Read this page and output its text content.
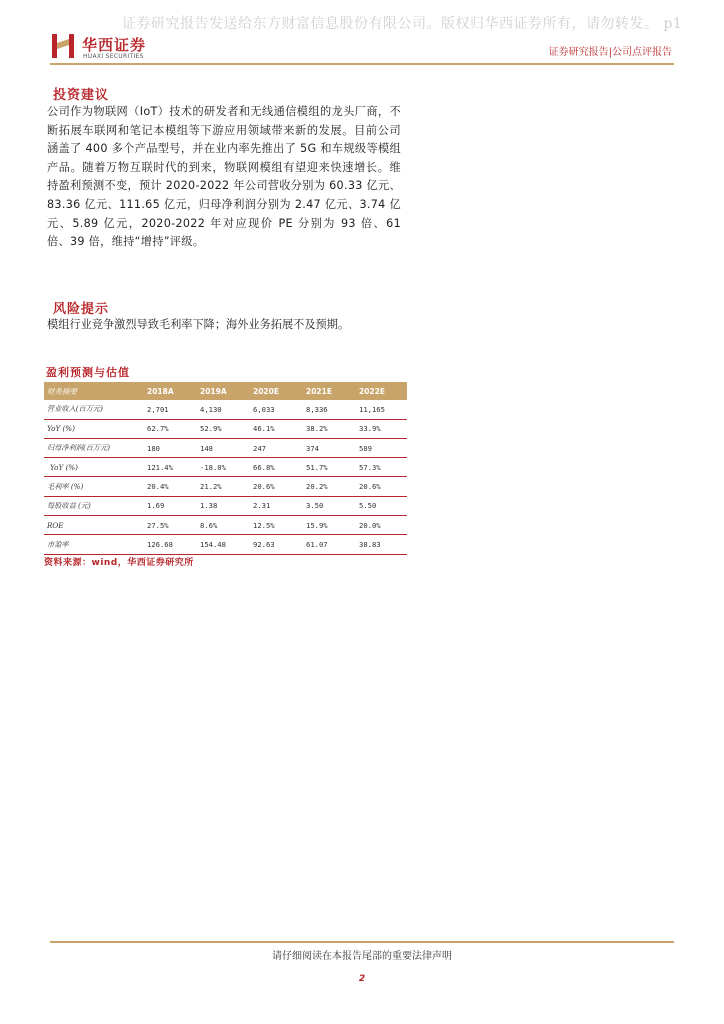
证券研究报告发送给东方财富信息股份有限公司。版权归华西证券所有，请勿转发。 p1
华西证券
HUAXI SECURITIES	证券研究报告|公司点评报告
投资建议
公司作为物联网（IoT）技术的研发者和无线通信模组的龙头厂商，不断拓展车联网和笔记本模组等下游应用领域带来新的发展。目前公司涵盖了 400 多个产品型号，并在业内率先推出了 5G 和车规级等模组产品。随着万物互联时代的到来，物联网模组有望迎来快速增长。维持盈利预测不变，预计 2020-2022 年公司营收分别为 60.33 亿元、83.36 亿元、111.65 亿元，归母净利润分别为 2.47 亿元、3.74 亿元、5.89 亿元，2020-2022 年对应现价 PE 分别为 93 倍、61 倍、39 倍，维持“增持”评级。
风险提示
模组行业竞争激烈导致毛利率下降；海外业务拓展不及预期。
盈利预测与估值
财务摘要	2018A	2019A	2020E	2021E	2022E
营业收入(百万元)	2,701	4,130	6,033	8,336	11,165
YoY (%)	62.7%	52.9%	46.1%	38.2%	33.9%
归母净利润(百万元)	180	148	247	374	589
YoY (%)	121.4%	-18.0%	66.8%	51.7%	57.3%
毛利率 (%)	20.4%	21.2%	20.6%	20.2%	20.6%
每股收益 (元)	1.69	1.38	2.31	3.50	5.50
ROE	27.5%	8.6%	12.5%	15.9%	20.0%
市盈率	126.68	154.48	92.63	61.07	38.83
资料来源：wind，华西证券研究所
请仔细阅读在本报告尾部的重要法律声明
2
